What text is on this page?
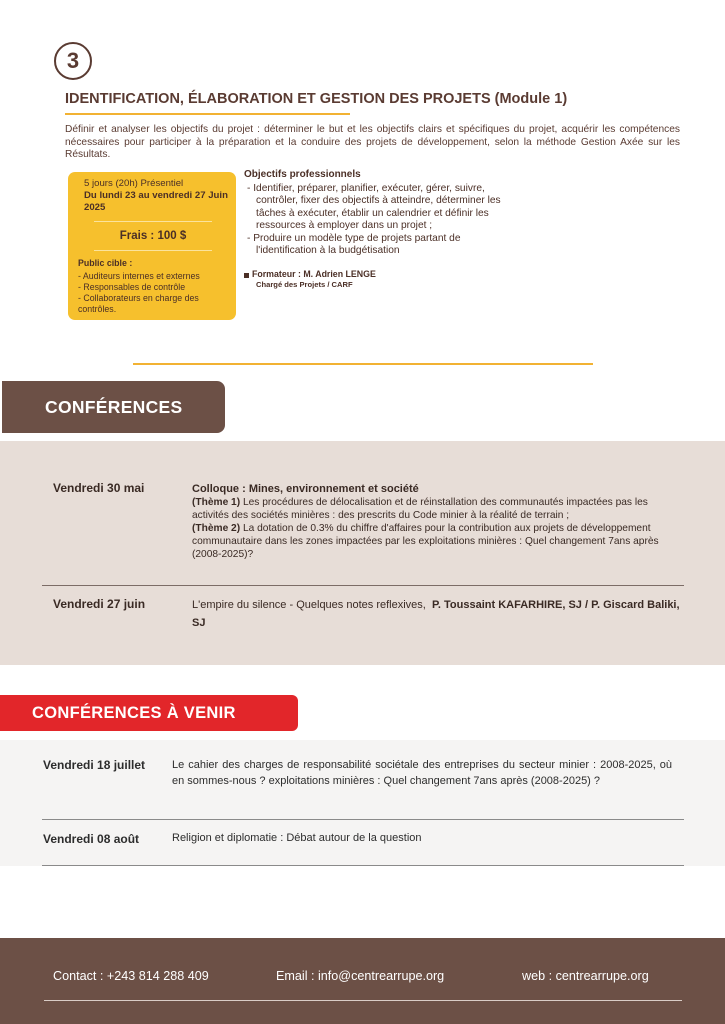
3
IDENTIFICATION, ÉLABORATION ET GESTION DES PROJETS (Module 1)

Définir et analyser les objectifs du projet : déterminer le but et les objectifs clairs et spécifiques du projet, acquérir les compétences nécessaires pour participer à la préparation et la conduire des projets de développement, selon la méthode Gestion Axée sur les Résultats.

5 jours (20h) Présentiel
Du lundi 23 au vendredi 27 Juin 2025
Frais : 100 $
Public cible :
- Auditeurs internes et externes
- Responsables de contrôle
- Collaborateurs en charge des contrôles.
Objectifs professionnels
- Identifier, préparer, planifier, exécuter, gérer, suivre, contrôler, fixer des objectifs à atteindre, déterminer les tâches à exécuter, établir un calendrier et définir les ressources à employer dans un projet ;
- Produire un modèle type de projets partant de l'identification à la budgétisation
Formateur : M. Adrien LENGE
Chargé des Projets / CARF
CONFÉRENCES
Vendredi 30 mai	Colloque : Mines, environnement et société
(Thème 1) Les procédures de délocalisation et de réinstallation des communautés impactées pas les activités des sociétés minières : des prescrits du Code minier à la réalité de terrain ;
(Thème 2) La dotation de 0.3% du chiffre d'affaires pour la contribution aux projets de développement communautaire dans les zones impactées par les exploitations minières : Quel changement 7ans après (2008-2025)?
Vendredi 27 juin	L'empire du silence - Quelques notes reflexives, P. Toussaint KAFARHIRE, SJ / P. Giscard Baliki, SJ
CONFÉRENCES À VENIR
Vendredi 18 juillet Le cahier des charges de responsabilité sociétale des entreprises du secteur minier : 2008-2025, où en sommes-nous ? exploitations minières : Quel changement 7ans après (2008-2025) ?
Vendredi 08 août	Religion et diplomatie : Débat autour de la question
Contact : +243 814 288 409	Email : info@centrearrupe.org	web : centrearrupe.org
